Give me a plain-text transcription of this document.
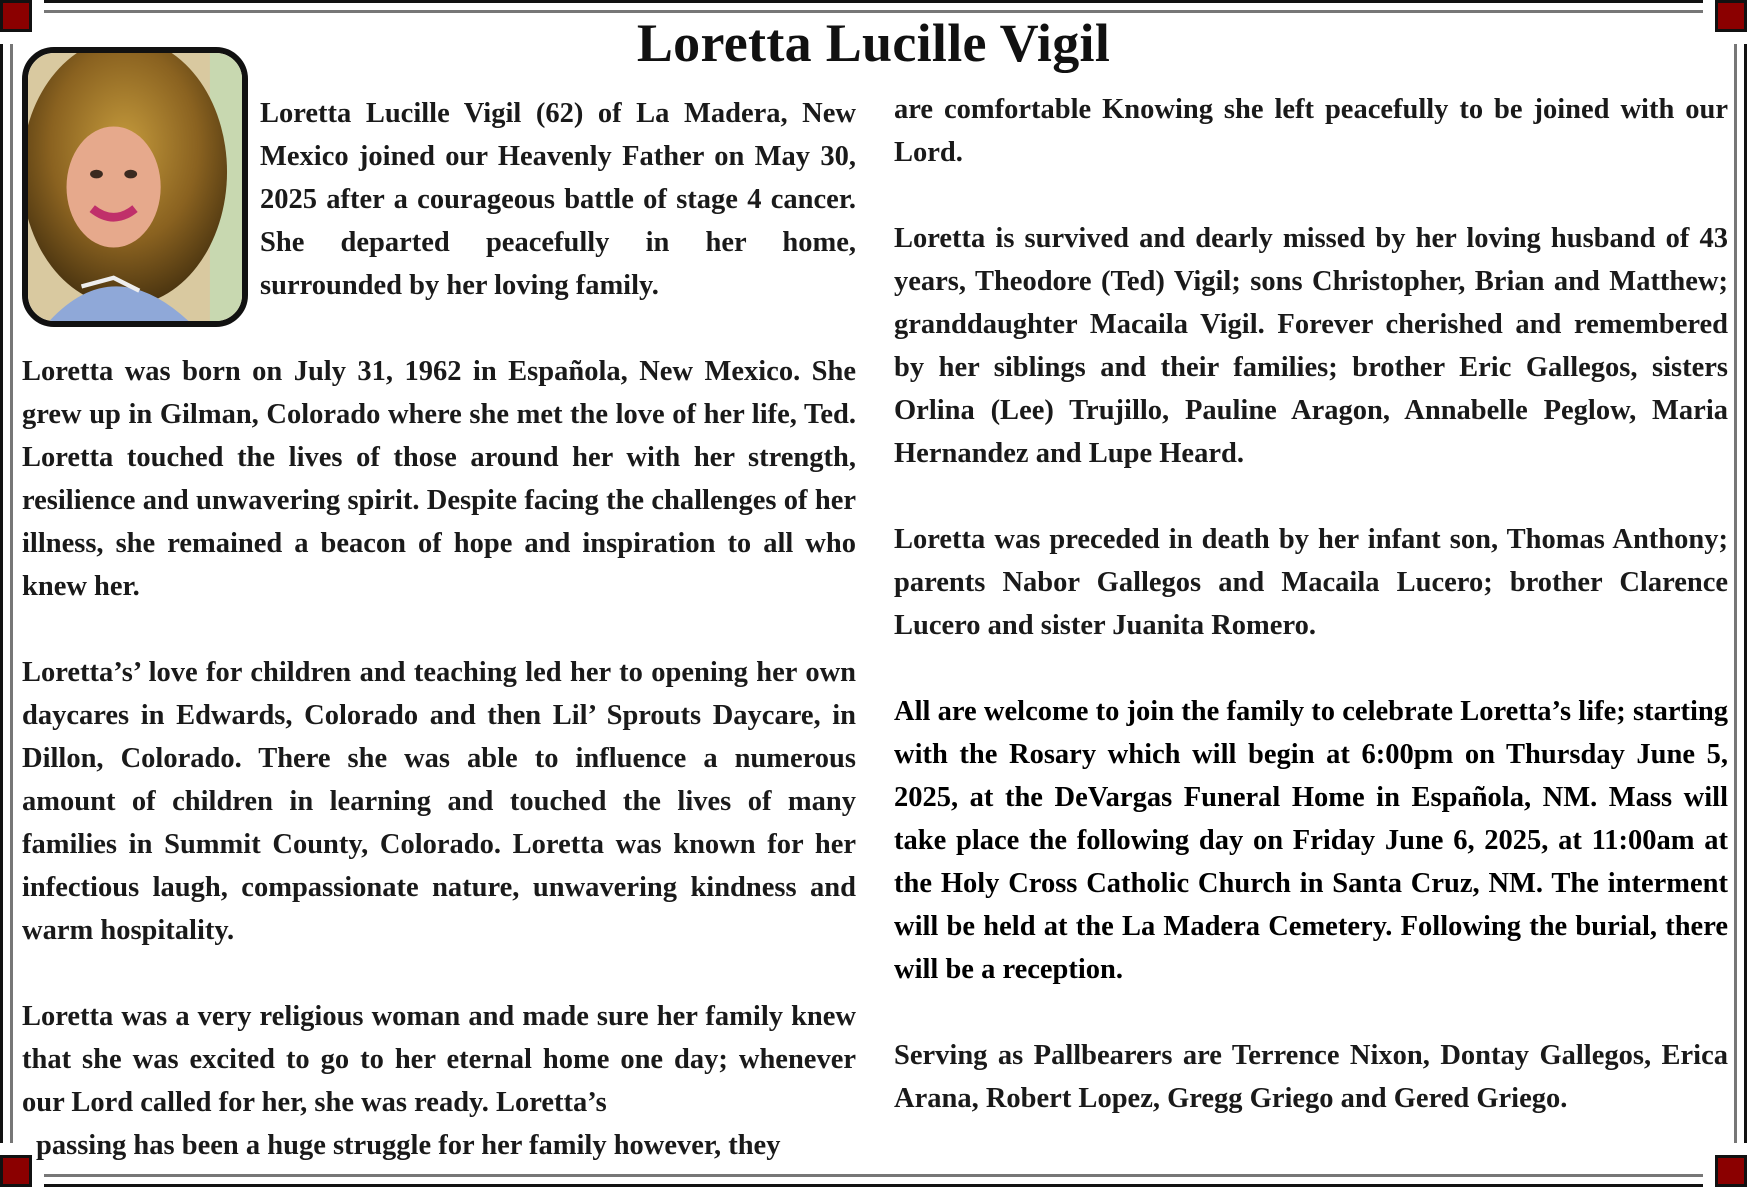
Loretta Lucille Vigil

Loretta Lucille Vigil (62) of La Madera, New Mexico joined our Heavenly Father on May 30, 2025 after a courageous battle of stage 4 cancer. She departed peacefully in her home, surrounded by her loving family.

Loretta was born on July 31, 1962 in Española, New Mexico. She grew up in Gilman, Colorado where she met the love of her life, Ted. Loretta touched the lives of those around her with her strength, resilience and unwavering spirit. Despite facing the challenges of her illness, she remained a beacon of hope and inspiration to all who knew her.

Loretta’s’ love for children and teaching led her to opening her own daycares in Edwards, Colorado and then Lil’ Sprouts Daycare, in Dillon, Colorado. There she was able to influence a numerous amount of children in learning and touched the lives of many families in Summit County, Colorado. Loretta was known for her infectious laugh, compassionate nature, unwavering kindness and warm hospitality.

Loretta was a very religious woman and made sure her family knew that she was excited to go to her eternal home one day; whenever our Lord called for her, she was ready. Loretta’s
passing has been a huge struggle for her family however, they

are comfortable Knowing she left peacefully to be joined with our Lord.

Loretta is survived and dearly missed by her loving husband of 43 years, Theodore (Ted) Vigil; sons Christopher, Brian and Matthew; granddaughter Macaila Vigil. Forever cherished and remembered by her siblings and their families; brother Eric Gallegos, sisters Orlina (Lee) Trujillo, Pauline Aragon, Annabelle Peglow, Maria Hernandez and Lupe Heard.

Loretta was preceded in death by her infant son, Thomas Anthony; parents Nabor Gallegos and Macaila Lucero; brother Clarence Lucero and sister Juanita Romero.

All are welcome to join the family to celebrate Loretta’s life; starting with the Rosary which will begin at 6:00pm on Thursday June 5, 2025, at the DeVargas Funeral Home in Española, NM. Mass will take place the following day on Friday June 6, 2025, at 11:00am at the Holy Cross Catholic Church in Santa Cruz, NM. The interment will be held at the La Madera Cemetery. Following the burial, there will be a reception.

Serving as Pallbearers are Terrence Nixon, Dontay Gallegos, Erica Arana, Robert Lopez, Gregg Griego and Gered Griego.
